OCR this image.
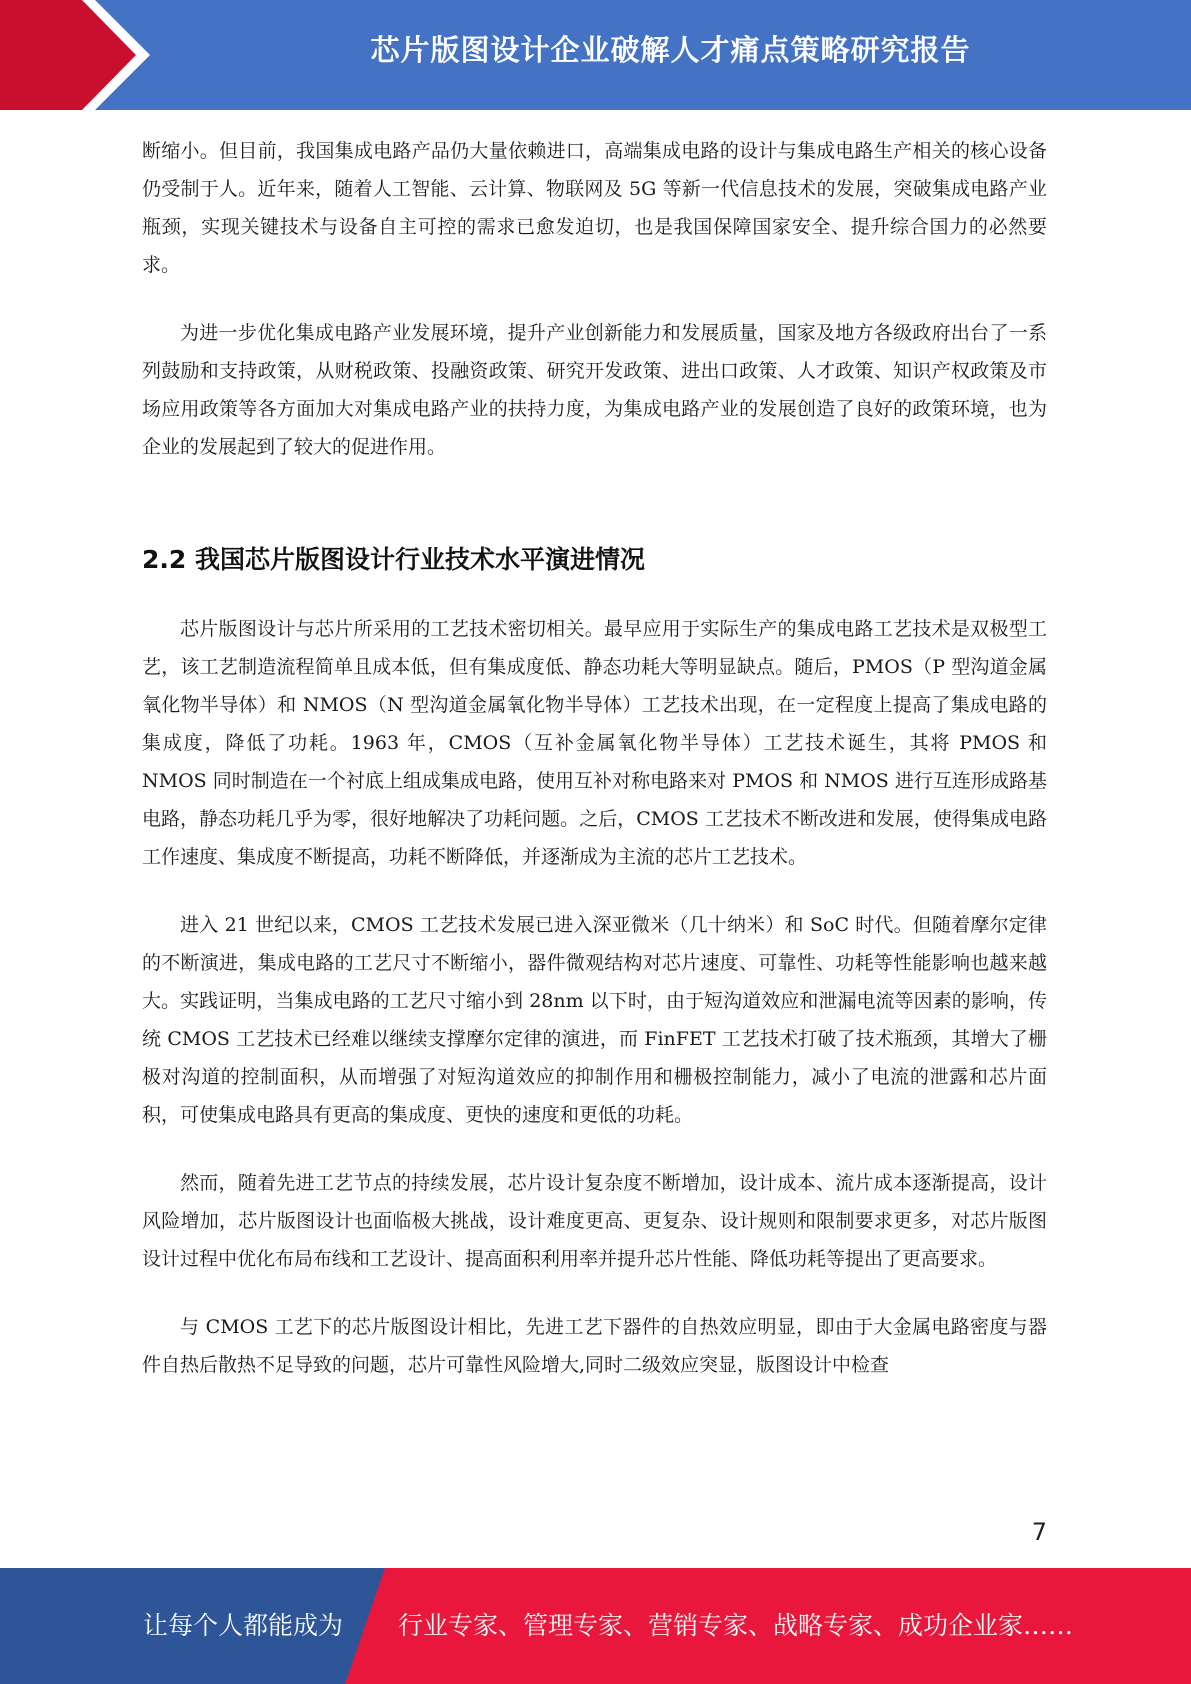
芯片版图设计企业破解人才痛点策略研究报告

断缩小。但目前，我国集成电路产品仍大量依赖进口，高端集成电路的设计与集成电路生产相关的核心设备仍受制于人。近年来，随着人工智能、云计算、物联网及 5G 等新一代信息技术的发展，突破集成电路产业瓶颈，实现关键技术与设备自主可控的需求已愈发迫切，也是我国保障国家安全、提升综合国力的必然要求。

为进一步优化集成电路产业发展环境，提升产业创新能力和发展质量，国家及地方各级政府出台了一系列鼓励和支持政策，从财税政策、投融资政策、研究开发政策、进出口政策、人才政策、知识产权政策及市场应用政策等各方面加大对集成电路产业的扶持力度，为集成电路产业的发展创造了良好的政策环境，也为企业的发展起到了较大的促进作用。

2.2 我国芯片版图设计行业技术水平演进情况

芯片版图设计与芯片所采用的工艺技术密切相关。最早应用于实际生产的集成电路工艺技术是双极型工艺，该工艺制造流程简单且成本低，但有集成度低、静态功耗大等明显缺点。随后，PMOS（P 型沟道金属氧化物半导体）和 NMOS（N 型沟道金属氧化物半导体）工艺技术出现，在一定程度上提高了集成电路的集成度，降低了功耗。1963 年，CMOS（互补金属氧化物半导体）工艺技术诞生，其将 PMOS 和 NMOS 同时制造在一个衬底上组成集成电路，使用互补对称电路来对 PMOS 和 NMOS 进行互连形成路基电路，静态功耗几乎为零，很好地解决了功耗问题。之后，CMOS 工艺技术不断改进和发展，使得集成电路工作速度、集成度不断提高，功耗不断降低，并逐渐成为主流的芯片工艺技术。

进入 21 世纪以来，CMOS 工艺技术发展已进入深亚微米（几十纳米）和 SoC 时代。但随着摩尔定律的不断演进，集成电路的工艺尺寸不断缩小，器件微观结构对芯片速度、可靠性、功耗等性能影响也越来越大。实践证明，当集成电路的工艺尺寸缩小到 28nm 以下时，由于短沟道效应和泄漏电流等因素的影响，传统 CMOS 工艺技术已经难以继续支撑摩尔定律的演进，而 FinFET 工艺技术打破了技术瓶颈，其增大了栅极对沟道的控制面积，从而增强了对短沟道效应的抑制作用和栅极控制能力，减小了电流的泄露和芯片面积，可使集成电路具有更高的集成度、更快的速度和更低的功耗。

然而，随着先进工艺节点的持续发展，芯片设计复杂度不断增加，设计成本、流片成本逐渐提高，设计风险增加，芯片版图设计也面临极大挑战，设计难度更高、更复杂、设计规则和限制要求更多，对芯片版图设计过程中优化布局布线和工艺设计、提高面积利用率并提升芯片性能、降低功耗等提出了更高要求。

与 CMOS 工艺下的芯片版图设计相比，先进工艺下器件的自热效应明显，即由于大金属电路密度与器件自热后散热不足导致的问题，芯片可靠性风险增大,同时二级效应突显，版图设计中检查

7
让每个人都能成为 行业专家、管理专家、营销专家、战略专家、成功企业家……
